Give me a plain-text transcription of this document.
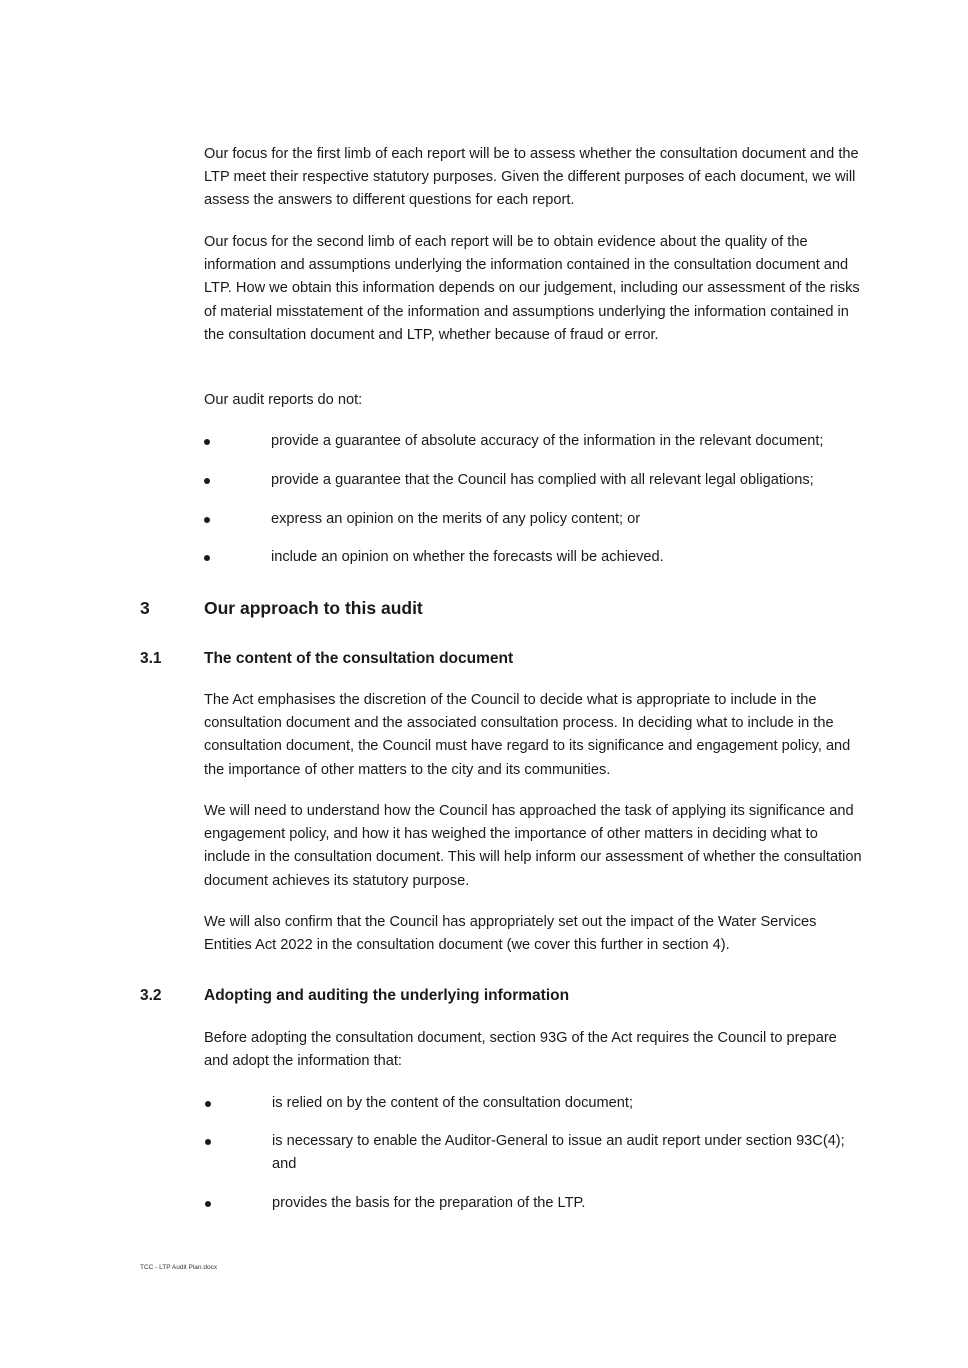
Our focus for the first limb of each report will be to assess whether the consultation document and the LTP meet their respective statutory purposes. Given the different purposes of each document, we will assess the answers to different questions for each report.

Our focus for the second limb of each report will be to obtain evidence about the quality of the information and assumptions underlying the information contained in the consultation document and LTP. How we obtain this information depends on our judgement, including our assessment of the risks of material misstatement of the information and assumptions underlying the information contained in the consultation document and LTP, whether because of fraud or error.

Our audit reports do not:

provide a guarantee of absolute accuracy of the information in the relevant document;
provide a guarantee that the Council has complied with all relevant legal obligations;
express an opinion on the merits of any policy content; or
include an opinion on whether the forecasts will be achieved.
3	Our approach to this audit
3.1	The content of the consultation document

The Act emphasises the discretion of the Council to decide what is appropriate to include in the consultation document and the associated consultation process. In deciding what to include in the consultation document, the Council must have regard to its significance and engagement policy, and the importance of other matters to the city and its communities.

We will need to understand how the Council has approached the task of applying its significance and engagement policy, and how it has weighed the importance of other matters in deciding what to include in the consultation document. This will help inform our assessment of whether the consultation document achieves its statutory purpose.

We will also confirm that the Council has appropriately set out the impact of the Water Services Entities Act 2022 in the consultation document (we cover this further in section 4).

3.2	Adopting and auditing the underlying information

Before adopting the consultation document, section 93G of the Act requires the Council to prepare and adopt the information that:

is relied on by the content of the consultation document;
is necessary to enable the Auditor-General to issue an audit report under section 93C(4); and
provides the basis for the preparation of the LTP.
TCC - LTP Audit Plan.docx
